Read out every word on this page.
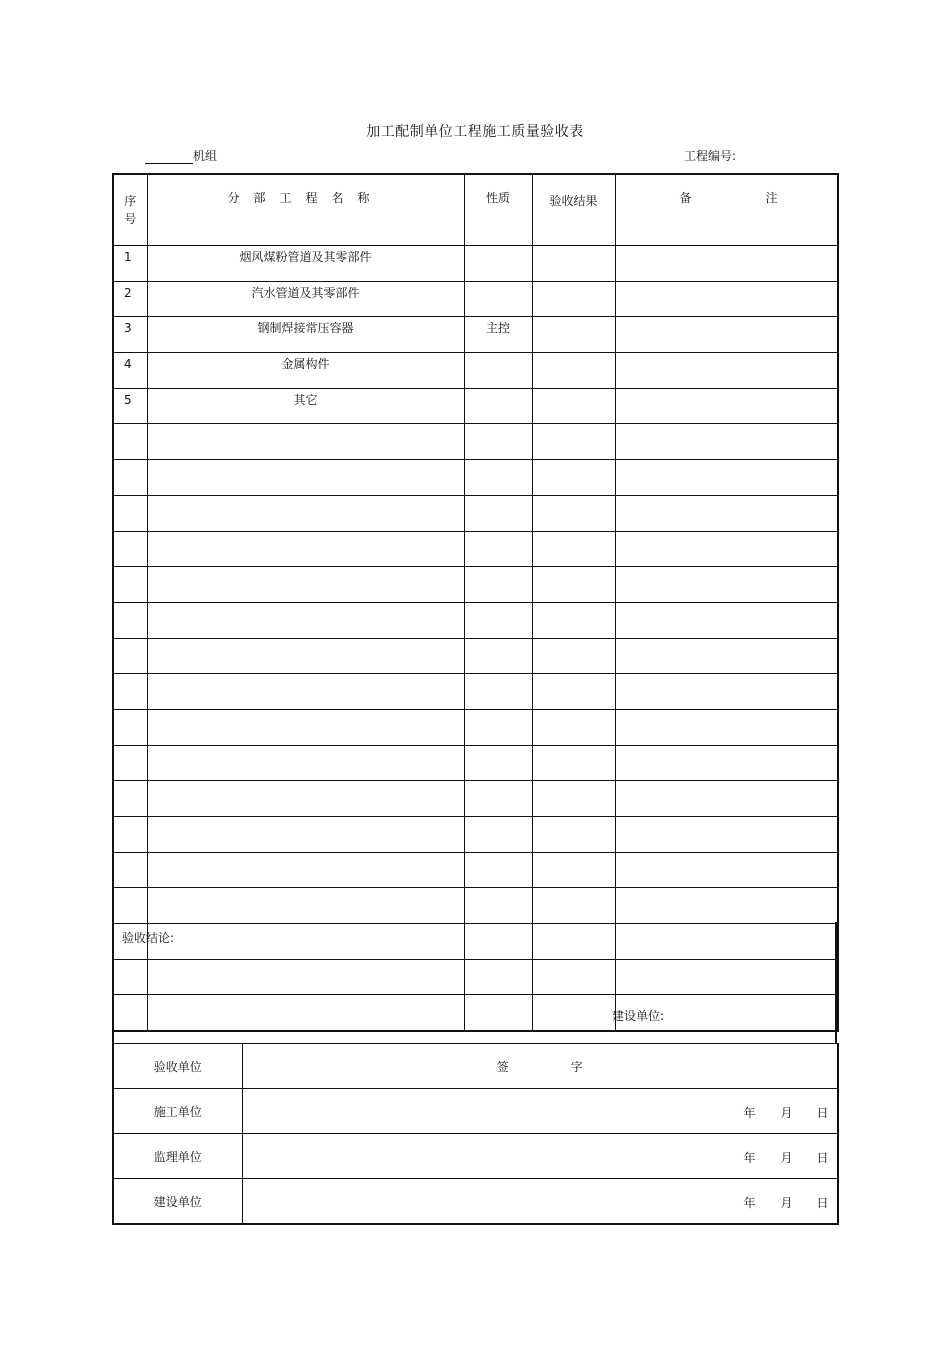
加工配制单位工程施工质量验收表
机组	工程编号:
序
号	分部工程名称	性质	验收结果	备 注

1	烟风煤粉管道及其零部件			
2	汽水管道及其零部件			
3	钢制焊接常压容器	主控		
4	金属构件			
5	其它			

验收结论:
建设单位:
验收单位	签 字
施工单位	年 月 日

监理单位	年 月 日

建设单位	年 月 日
